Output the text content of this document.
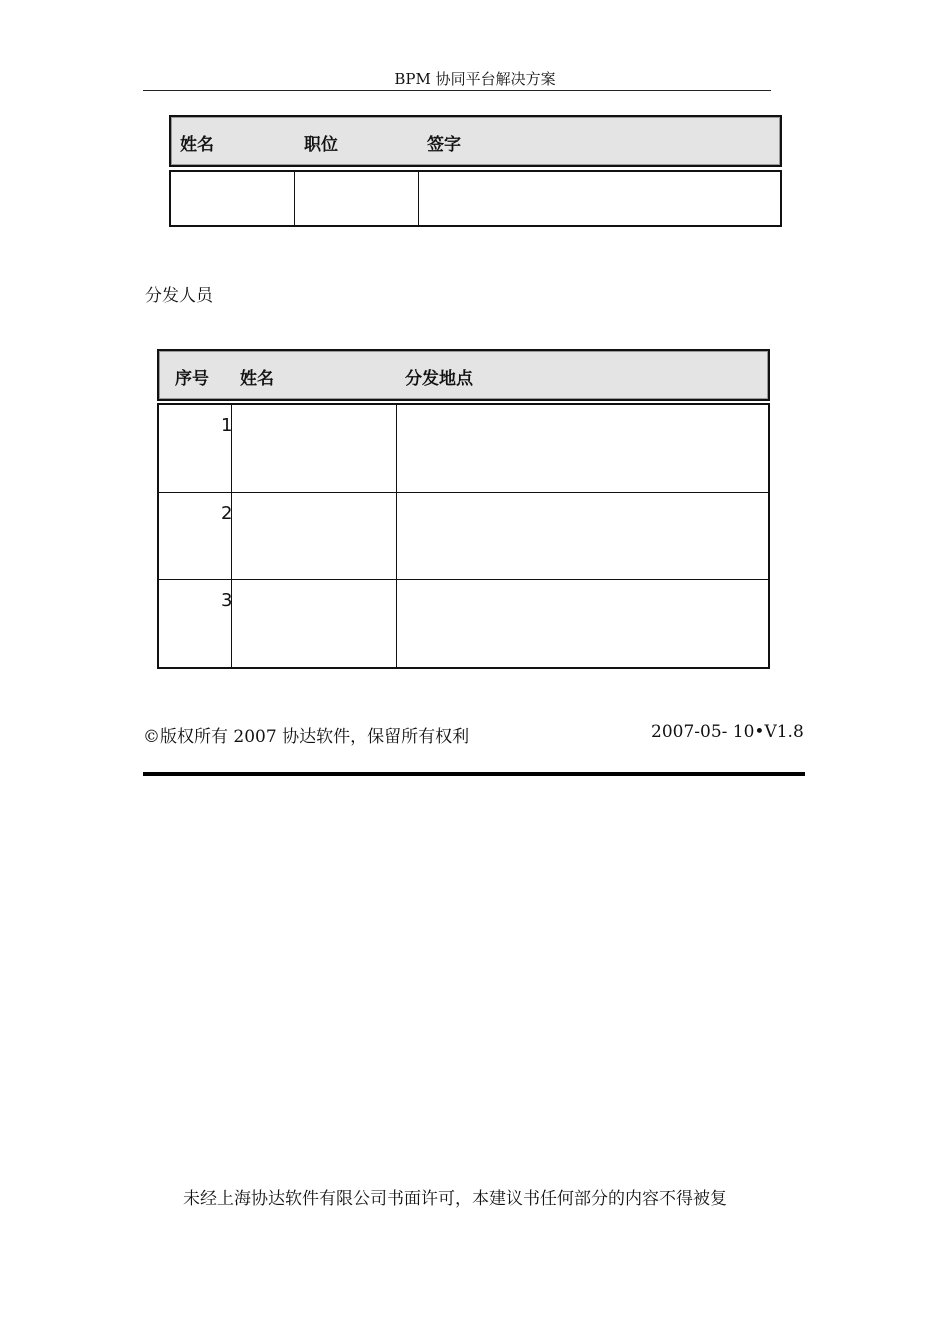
BPM 协同平台解决方案
姓名	职位	签字
分发人员
序号 姓名	分发地点
1
2
3
©版权所有 2007 协达软件，保留所有权利	2007-05- 10•V1.8
未经上海协达软件有限公司书面许可，本建议书任何部分的内容不得被复
